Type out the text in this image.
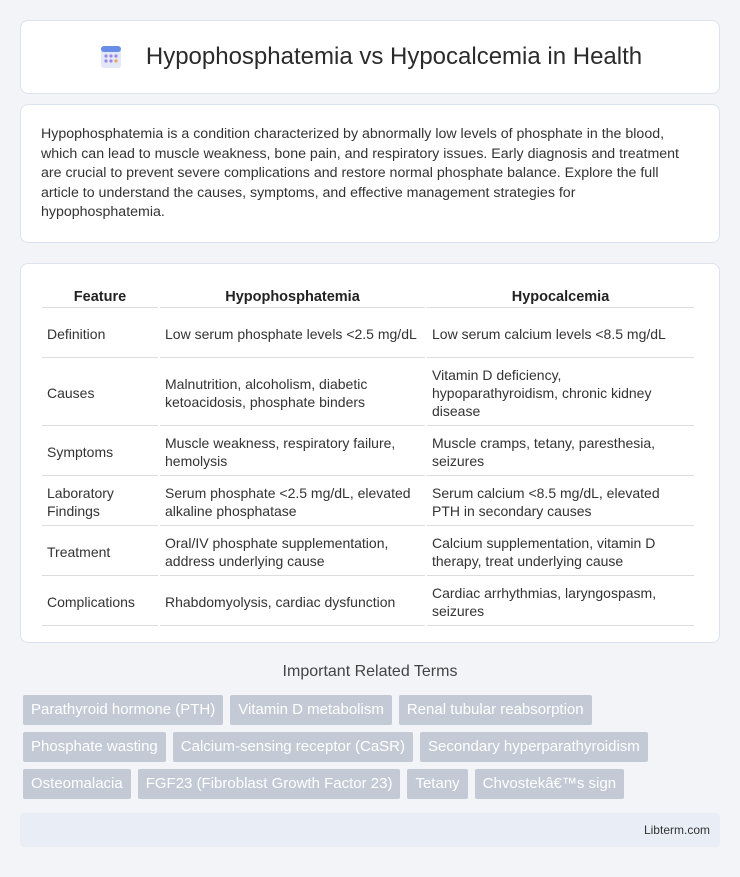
Hypophosphatemia vs Hypocalcemia in Health

Hypophosphatemia is a condition characterized by abnormally low levels of phosphate in the blood, which can lead to muscle weakness, bone pain, and respiratory issues. Early diagnosis and treatment are crucial to prevent severe complications and restore normal phosphate balance. Explore the full article to understand the causes, symptoms, and effective management strategies for hypophosphatemia.

Feature	Hypophosphatemia	Hypocalcemia
Definition	Low serum phosphate levels <2.5 mg/dL	Low serum calcium levels <8.5 mg/dL
Causes	Malnutrition, alcoholism, diabetic ketoacidosis, phosphate binders	Vitamin D deficiency, hypoparathyroidism, chronic kidney disease
Symptoms	Muscle weakness, respiratory failure, hemolysis	Muscle cramps, tetany, paresthesia, seizures
Laboratory Findings	Serum phosphate <2.5 mg/dL, elevated alkaline phosphatase	Serum calcium <8.5 mg/dL, elevated PTH in secondary causes
Treatment	Oral/IV phosphate supplementation, address underlying cause	Calcium supplementation, vitamin D therapy, treat underlying cause
Complications	Rhabdomyolysis, cardiac dysfunction	Cardiac arrhythmias, laryngospasm, seizures
Important Related Terms
Parathyroid hormone (PTH)	Vitamin D metabolism	Renal tubular reabsorption
Phosphate wasting	Calcium-sensing receptor (CaSR)	Secondary hyperparathyroidism
Osteomalacia	FGF23 (Fibroblast Growth Factor 23)	Tetany	Chvostekâ€™s sign
Libterm.com
